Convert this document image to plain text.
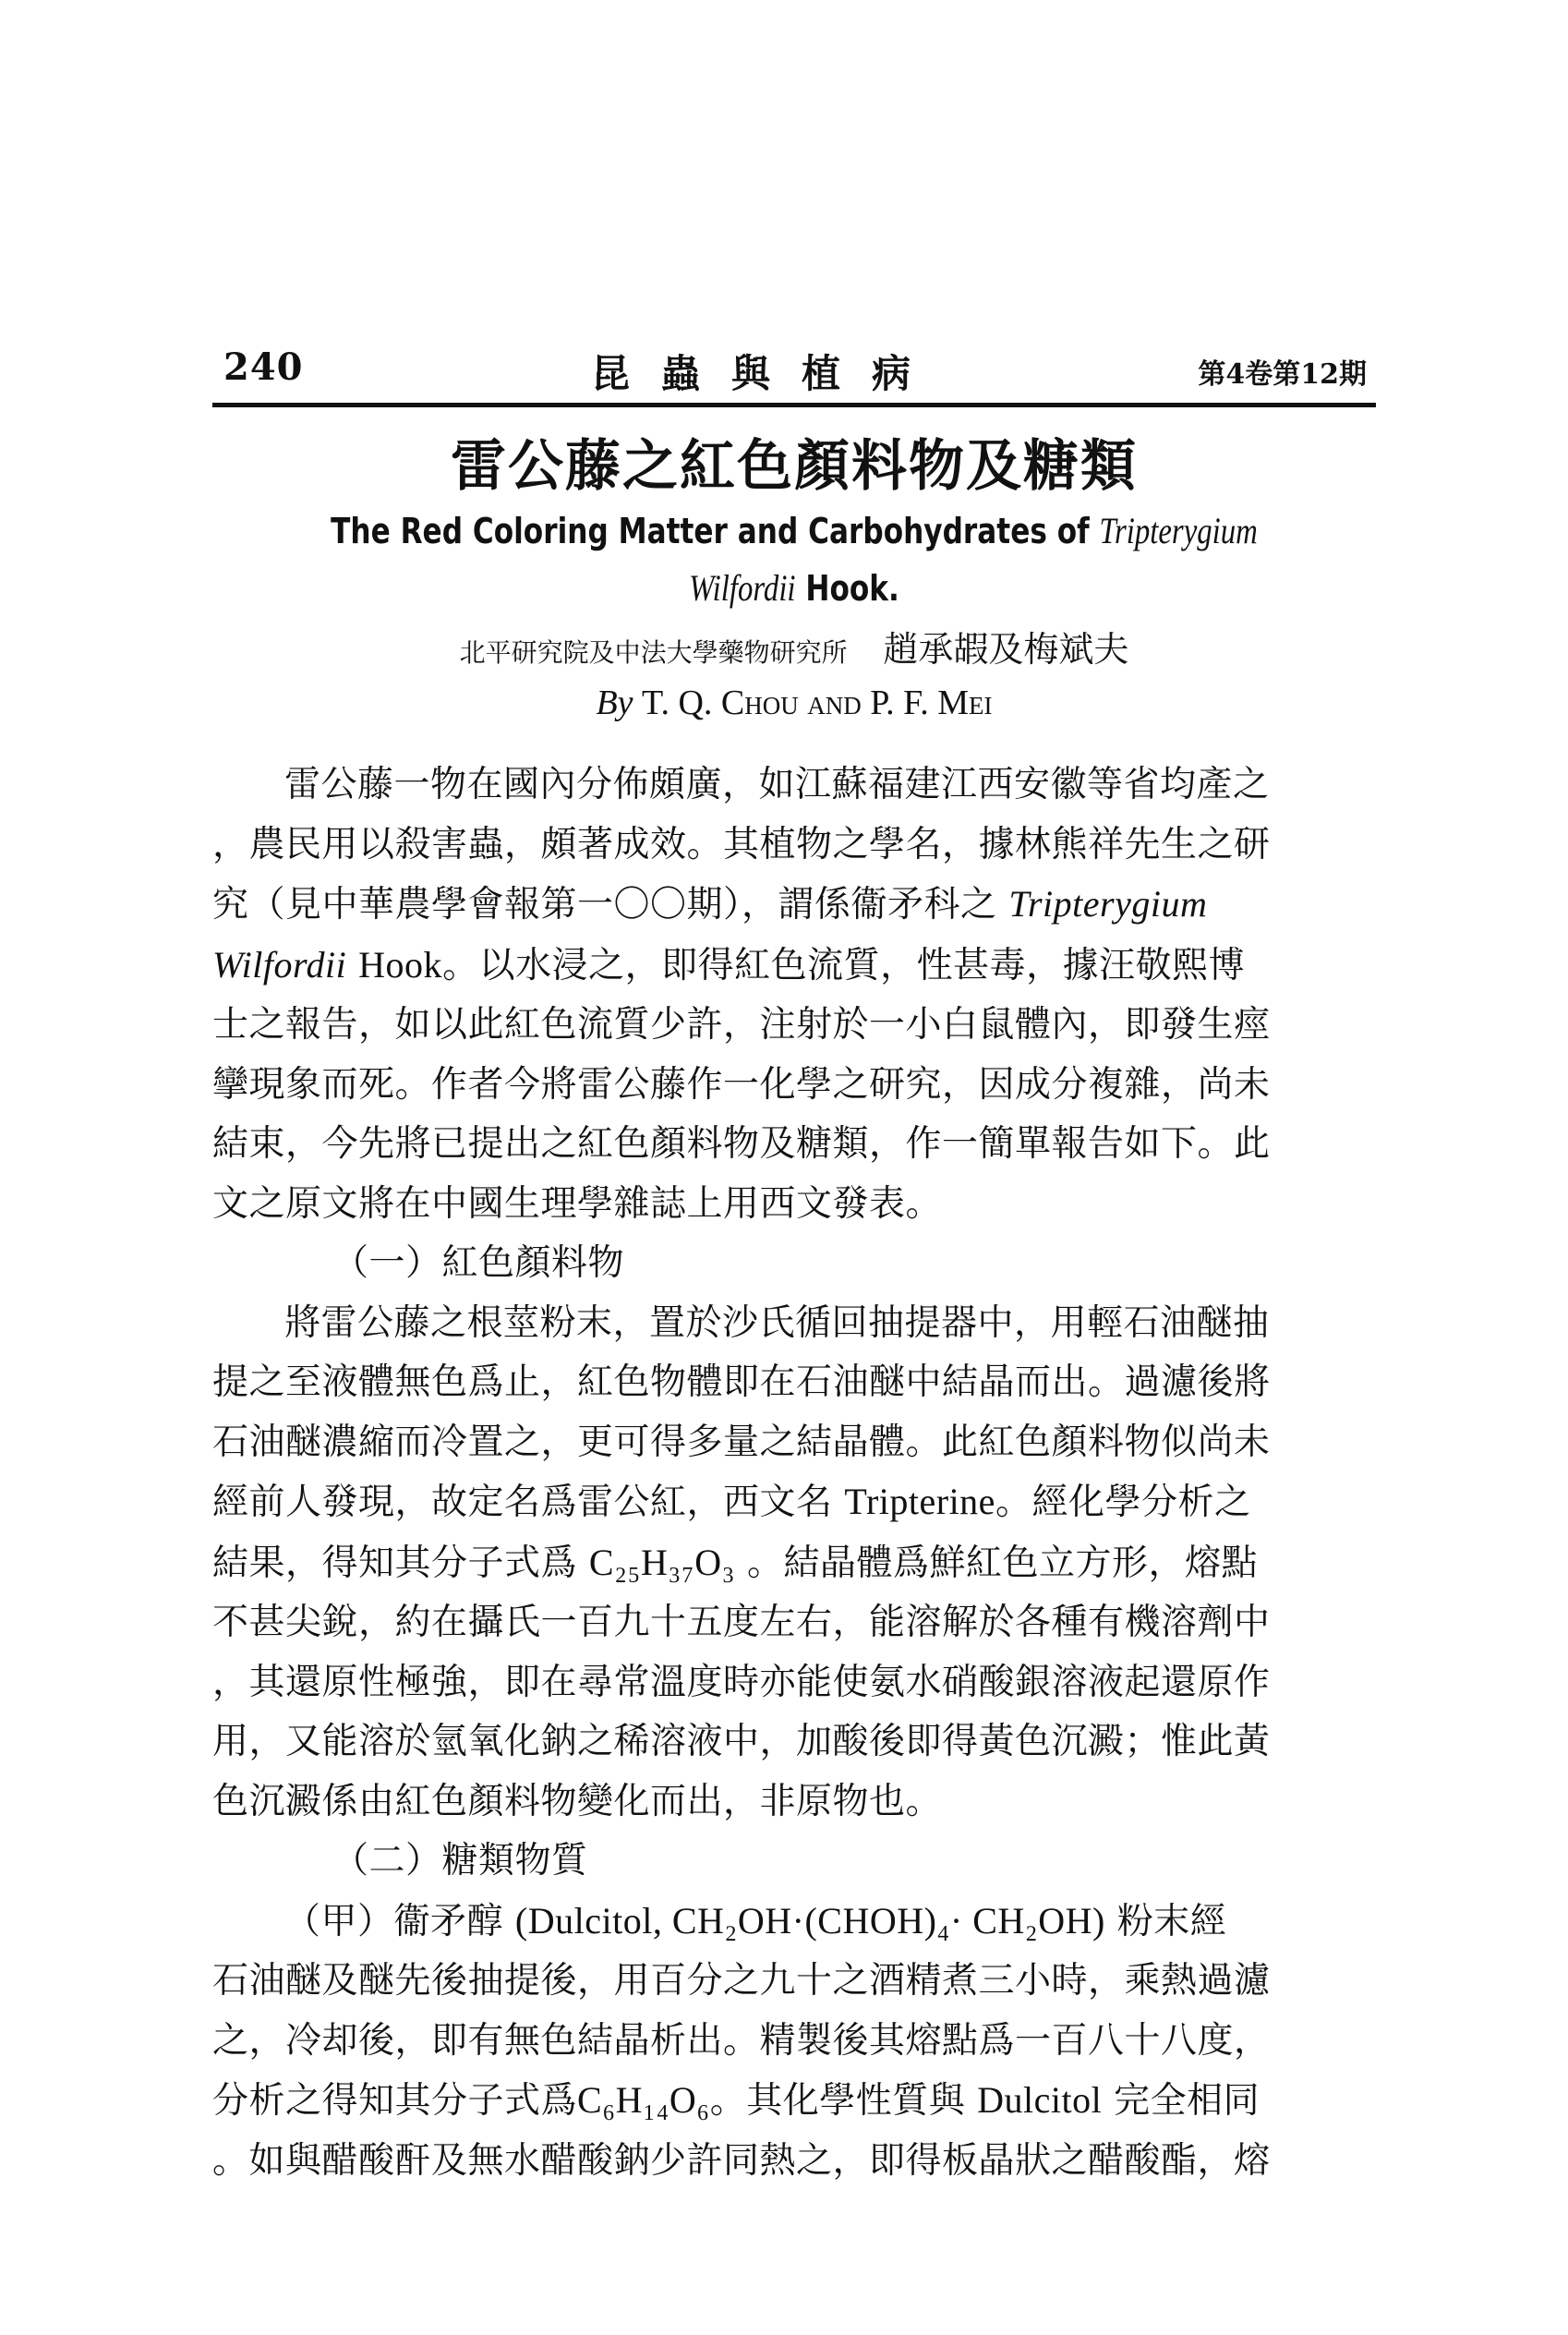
240	昆蟲與植病	第4卷第12期
雷公藤之紅色顏料物及糖類
The Red Coloring Matter and Carbohydrates of Tripterygium
Wilfordii Hook.
北平研究院及中法大學藥物研究所 趙承嘏及梅斌夫
By T. Q. Chou and P. F. Mei
雷公藤一物在國內分佈頗廣，如江蘇福建江西安徽等省均產之
，農民用以殺害蟲，頗著成效。其植物之學名，據林熊祥先生之研
究（見中華農學會報第一〇〇期），謂係衞矛科之 Tripterygium
Wilfordii Hook。以水浸之，即得紅色流質，性甚毒，據汪敬熙博
士之報告，如以此紅色流質少許，注射於一小白鼠體內，即發生痙
攣現象而死。作者今將雷公藤作一化學之研究，因成分複雜，尚未
結束，今先將已提出之紅色顏料物及糖類，作一簡單報告如下。此
文之原文將在中國生理學雜誌上用西文發表。
（一）紅色顏料物
將雷公藤之根莖粉末，置於沙氏循回抽提器中，用輕石油醚抽
提之至液體無色爲止，紅色物體即在石油醚中結晶而出。過濾後將
石油醚濃縮而冷置之，更可得多量之結晶體。此紅色顏料物似尚未
經前人發現，故定名爲雷公紅，西文名 Tripterine。經化學分析之
結果，得知其分子式爲 C₂₅H₃₇O₃ 。結晶體爲鮮紅色立方形，熔點
不甚尖銳，約在攝氏一百九十五度左右，能溶解於各種有機溶劑中
，其還原性極強，即在尋常溫度時亦能使氨水硝酸銀溶液起還原作
用，又能溶於氫氧化鈉之稀溶液中，加酸後即得黃色沉澱；惟此黃
色沉澱係由紅色顏料物變化而出，非原物也。
（二）糖類物質
（甲）衞矛醇 (Dulcitol, CH₂OH·(CHOH)₄· CH₂OH) 粉末經
石油醚及醚先後抽提後，用百分之九十之酒精煮三小時，乘熱過濾
之，冷却後，即有無色結晶析出。精製後其熔點爲一百八十八度，
分析之得知其分子式爲C₆H₁₄O₆。其化學性質與 Dulcitol 完全相同
。如與醋酸酐及無水醋酸鈉少許同熱之，即得板晶狀之醋酸酯，熔
